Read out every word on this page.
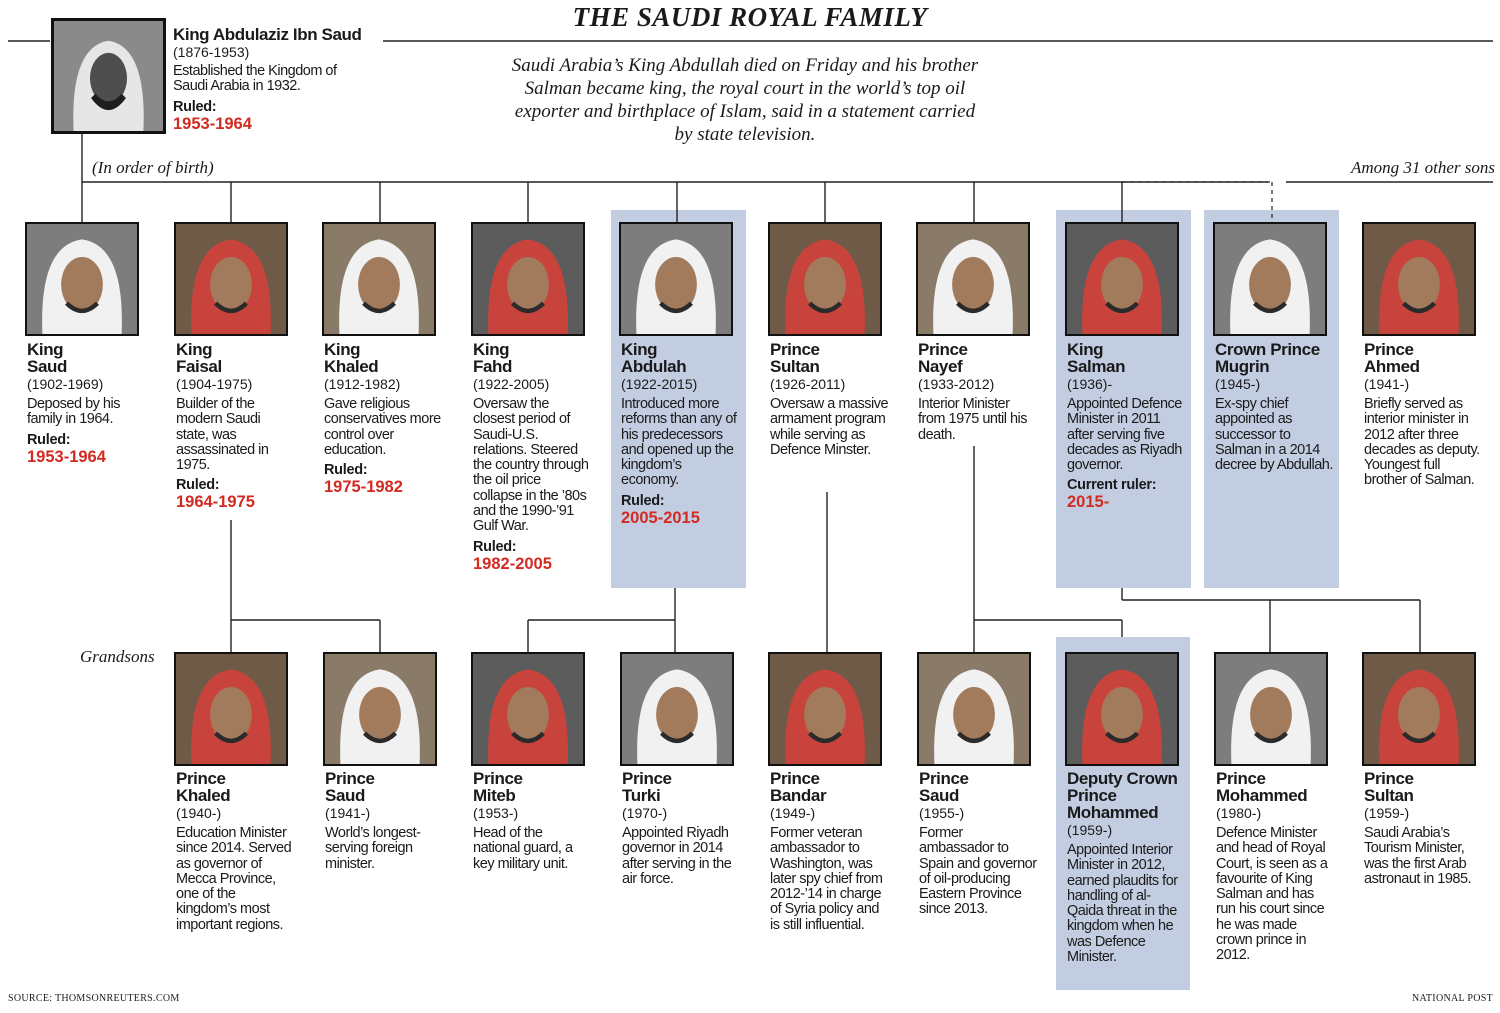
THE SAUDI ROYAL FAMILY
Saudi Arabia’s King Abdullah died on Friday and his brother Salman became king, the royal court in the world’s top oil exporter and birthplace of Islam, said in a statement carried by state television.
King Abdulaziz Ibn Saud
(1876-1953)
Established the Kingdom of Saudi Arabia in 1932.
Ruled:
1953-1964
(In order of birth)	Among 31 other sons
Grandsons
King
Saud
(1902-1969)
Deposed by his family in 1964.
Ruled:
1953-1964
King
Faisal
(1904-1975)
Builder of the modern Saudi state, was assassinated in 1975.
Ruled:
1964-1975
King
Khaled
(1912-1982)
Gave religious conservatives more control over education.
Ruled:
1975-1982
King
Fahd
(1922-2005)
Oversaw the closest period of Saudi-U.S. relations. Steered the country through the oil price collapse in the ’80s and the 1990-’91 Gulf War.
Ruled:
1982-2005
King
Abdulah
(1922-2015)
Introduced more reforms than any of his predecessors and opened up the kingdom’s economy.
Ruled:
2005-2015
Prince
Sultan
(1926-2011)
Oversaw a massive armament program while serving as Defence Minster.
Prince
Nayef
(1933-2012)
Interior Minister from 1975 until his death.
King
Salman
(1936)-
Appointed Defence Minister in 2011 after serving five decades as Riyadh governor.
Current ruler:
2015-
Crown Prince
Mugrin
(1945-)
Ex-spy chief appointed as successor to Salman in a 2014 decree by Abdullah.
Prince
Ahmed
(1941-)
Briefly served as interior minister in 2012 after three decades as deputy. Youngest full brother of Salman.
Prince
Khaled
(1940-)
Education Minister since 2014. Served as governor of Mecca Province, one of the kingdom’s most important regions.
Prince
Saud
(1941-)
World’s longest-serving foreign minister.
Prince
Miteb
(1953-)
Head of the national guard, a key military unit.
Prince
Turki
(1970-)
Appointed Riyadh governor in 2014 after serving in the air force.
Prince
Bandar
(1949-)
Former veteran ambassador to Washington, was later spy chief from 2012-’14 in charge of Syria policy and is still influential.
Prince
Saud
(1955-)
Former ambassador to Spain and governor of oil-producing Eastern Province since 2013.
Deputy Crown Prince
Mohammed
(1959-)
Appointed Interior Minister in 2012, earned plaudits for handling of al-Qaida threat in the kingdom when he was Defence Minister.
Prince
Mohammed
(1980-)
Defence Minister and head of Royal Court, is seen as a favourite of King Salman and has run his court since he was made crown prince in 2012.
Prince
Sultan
(1959-)
Saudi Arabia’s Tourism Minister, was the first Arab astronaut in 1985.
SOURCE: THOMSONREUTERS.COM	NATIONAL POST
